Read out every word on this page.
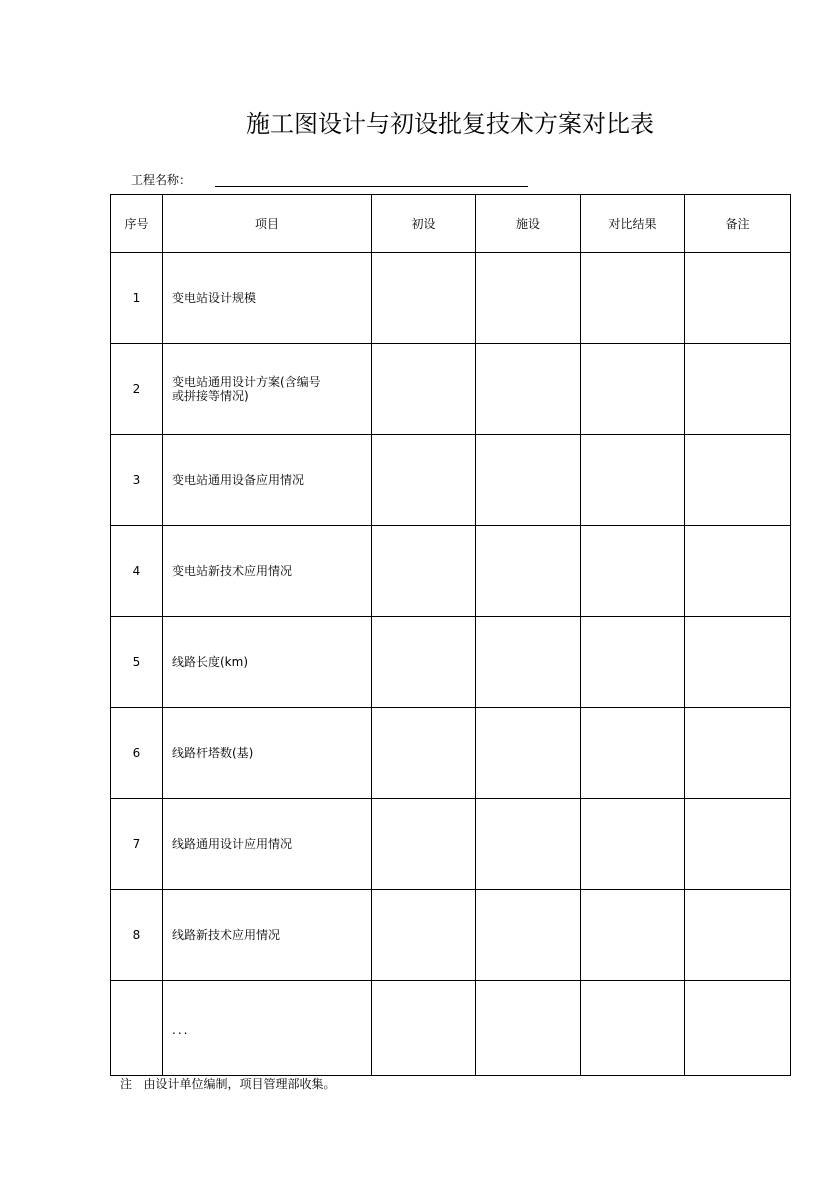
施工图设计与初设批复技术方案对比表
工程名称：
序号	项目	初设	施设	对比结果	备注
1	变电站设计规模				
2	变电站通用设计方案(含编号
或拼接等情况)				
3	变电站通用设备应用情况				
4	变电站新技术应用情况				
5	线路长度(km)				
6	线路杆塔数(基)				
7	线路通用设计应用情况				
8	线路新技术应用情况				
	...				
注   由设计单位编制，项目管理部收集。
